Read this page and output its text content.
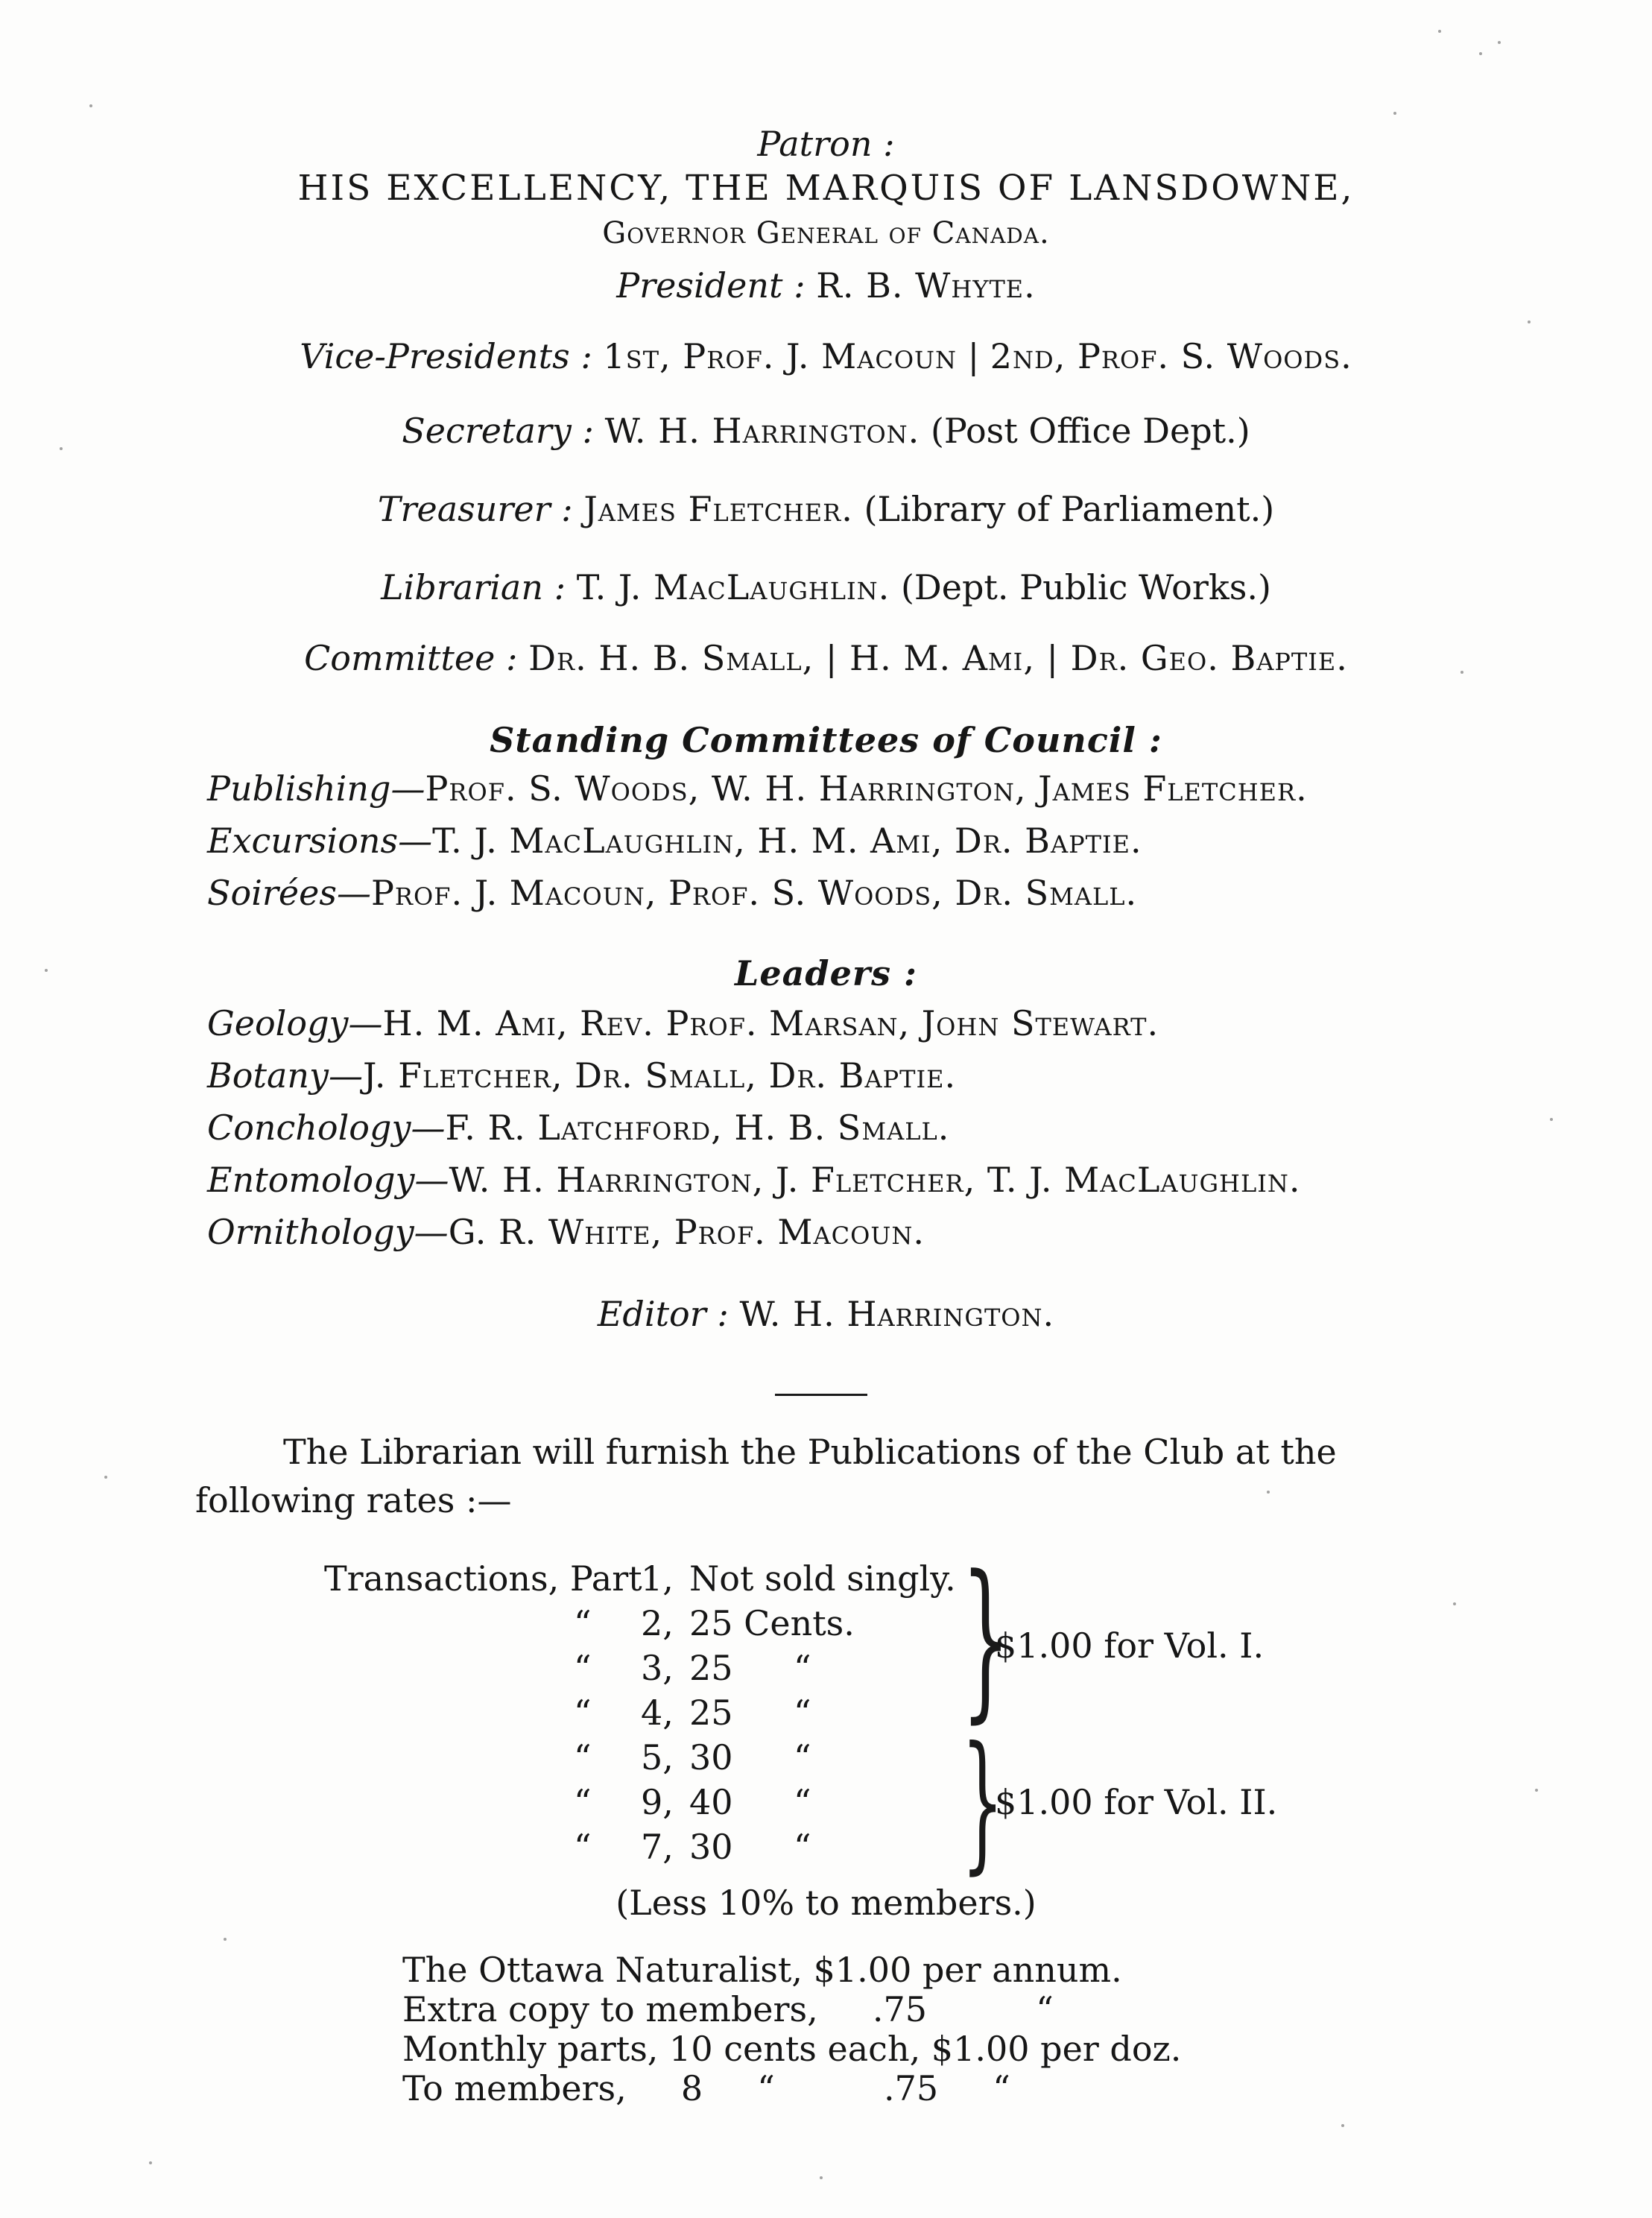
Patron :
HIS EXCELLENCY, THE MARQUIS OF LANSDOWNE,
Governor General of Canada.
President : R. B. Whyte.
Vice-Presidents : 1st, Prof. J. Macoun | 2nd, Prof. S. Woods.
Secretary : W. H. Harrington. (Post Office Dept.)
Treasurer : James Fletcher. (Library of Parliament.)
Librarian : T. J. MacLaughlin. (Dept. Public Works.)
Committee : Dr. H. B. Small, | H. M. Ami, | Dr. Geo. Baptie.
Standing Committees of Council :
Publishing—Prof. S. Woods, W. H. Harrington, James Fletcher.
Excursions—T. J. MacLaughlin, H. M. Ami, Dr. Baptie.
Soirées—Prof. J. Macoun, Prof. S. Woods, Dr. Small.
Leaders :
Geology—H. M. Ami, Rev. Prof. Marsan, John Stewart.
Botany—J. Fletcher, Dr. Small, Dr. Baptie.
Conchology—F. R. Latchford, H. B. Small.
Entomology—W. H. Harrington, J. Fletcher, T. J. MacLaughlin.
Ornithology—G. R. White, Prof. Macoun.
Editor : W. H. Harrington.
The Librarian will furnish the Publications of the Club at the
following rates :—
Transactions, Part
1, Not sold singly.
“ 2, 25 Cents.
“ 3, 25 “
“ 4, 25 “
“ 5, 30 “
“ 9, 40 “
“ 7, 30 “
}
}
$1.00 for Vol. I.
$1.00 for Vol. II.
(Less 10% to members.)
The Ottawa Naturalist, $1.00 per annum.
Extra copy to members,     .75          “
Monthly parts, 10 cents each, $1.00 per doz.
To members,     8     “          .75     “
